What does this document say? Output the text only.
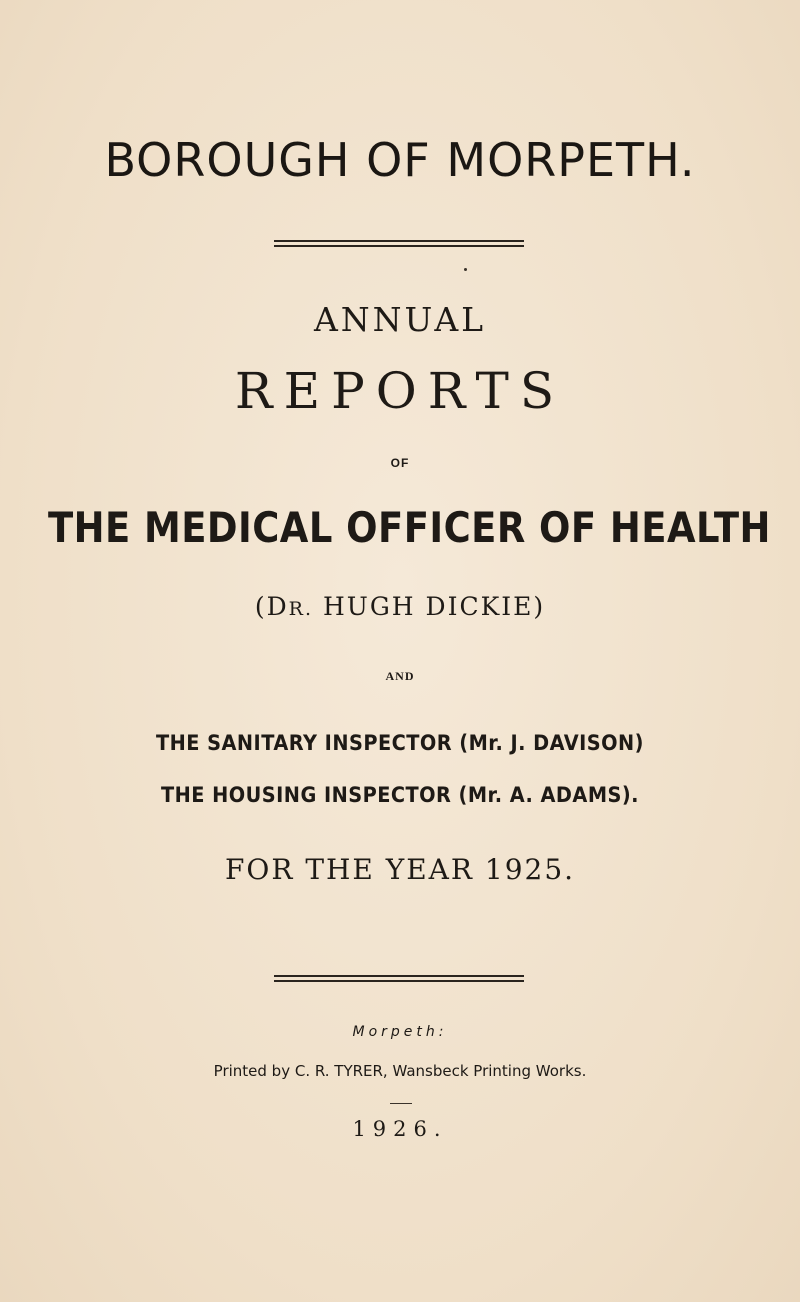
BOROUGH OF MORPETH.
ANNUAL
REPORTS
OF
THE MEDICAL OFFICER OF HEALTH
(DR. HUGH DICKIE)
AND
THE SANITARY INSPECTOR (Mr. J. DAVISON)
THE HOUSING INSPECTOR (Mr. A. ADAMS).
FOR THE YEAR 1925.
Morpeth:
Printed by C. R. TYRER, Wansbeck Printing Works.
1926.
